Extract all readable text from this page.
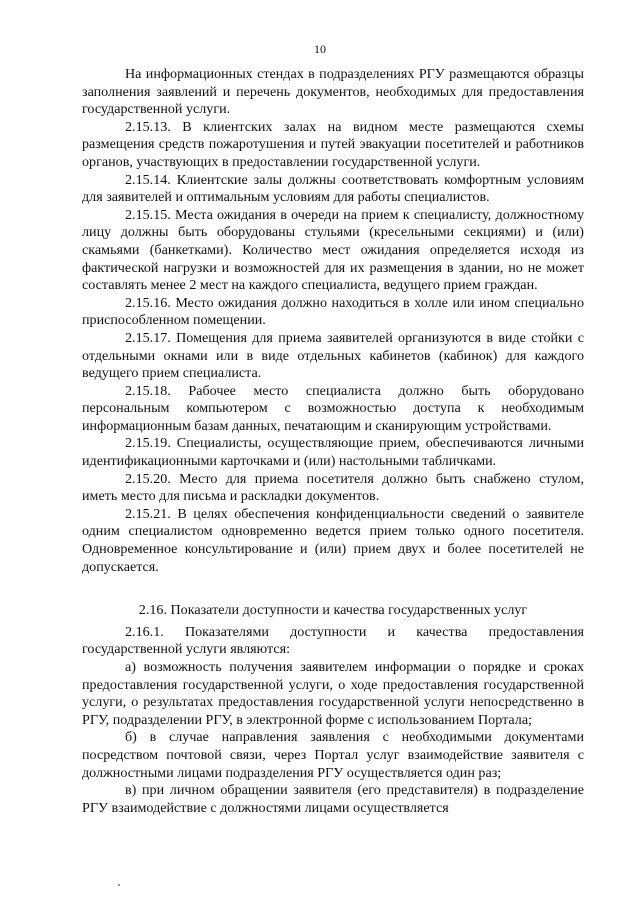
10

На информационных стендах в подразделениях РГУ размещаются образцы заполнения заявлений и перечень документов, необходимых для предоставления государственной услуги.

2.15.13. В клиентских залах на видном месте размещаются схемы размещения средств пожаротушения и путей эвакуации посетителей и работников органов, участвующих в предоставлении государственной услуги.

2.15.14. Клиентские залы должны соответствовать комфортным условиям для заявителей и оптимальным условиям для работы специалистов.

2.15.15. Места ожидания в очереди на прием к специалисту, должностному лицу должны быть оборудованы стульями (кресельными секциями) и (или) скамьями (банкетками). Количество мест ожидания определяется исходя из фактической нагрузки и возможностей для их размещения в здании, но не может составлять менее 2 мест на каждого специалиста, ведущего прием граждан.

2.15.16. Место ожидания должно находиться в холле или ином специально приспособленном помещении.

2.15.17. Помещения для приема заявителей организуются в виде стойки с отдельными окнами или в виде отдельных кабинетов (кабинок) для каждого ведущего прием специалиста.

2.15.18. Рабочее место специалиста должно быть оборудовано персональным компьютером с возможностью доступа к необходимым информационным базам данных, печатающим и сканирующим устройствами.

2.15.19. Специалисты, осуществляющие прием, обеспечиваются личными идентификационными карточками и (или) настольными табличками.

2.15.20. Место для приема посетителя должно быть снабжено стулом, иметь место для письма и раскладки документов.

2.15.21. В целях обеспечения конфиденциальности сведений о заявителе одним специалистом одновременно ведется прием только одного посетителя. Одновременное консультирование и (или) прием двух и более посетителей не допускается.

2.16. Показатели доступности и качества государственных услуг

2.16.1. Показателями доступности и качества предоставления государственной услуги являются:

а) возможность получения заявителем информации о порядке и сроках предоставления государственной услуги, о ходе предоставления государственной услуги, о результатах предоставления государственной услуги непосредственно в РГУ, подразделении РГУ, в электронной форме с использованием Портала;

б) в случае направления заявления с необходимыми документами посредством почтовой связи, через Портал услуг взаимодействие заявителя с должностными лицами подразделения РГУ осуществляется один раз;

в) при личном обращении заявителя (его представителя) в подразделение РГУ взаимодействие с должностями лицами осуществляется
